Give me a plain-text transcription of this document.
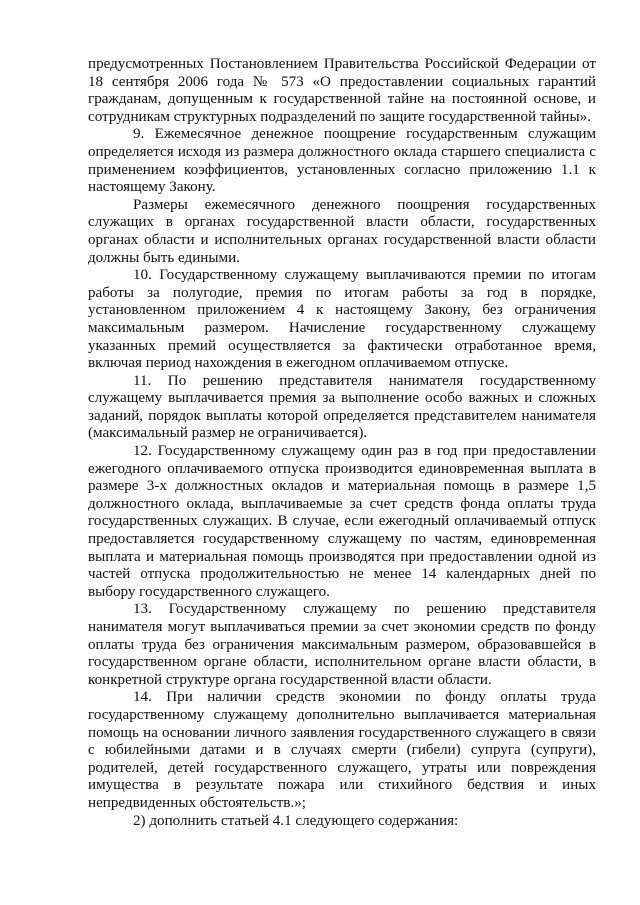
предусмотренных Постановлением Правительства Российской Федерации от 18 сентября 2006 года № 573 «О предоставлении социальных гарантий гражданам, допущенным к государственной тайне на постоянной основе, и сотрудникам структурных подразделений по защите государственной тайны».

9. Ежемесячное денежное поощрение государственным служащим определяется исходя из размера должностного оклада старшего специалиста с применением коэффициентов, установленных согласно приложению 1.1 к настоящему Закону.

Размеры ежемесячного денежного поощрения государственных служащих в органах государственной власти области, государственных органах области и исполнительных органах государственной власти области должны быть едиными.

10. Государственному служащему выплачиваются премии по итогам работы за полугодие, премия по итогам работы за год в порядке, установленном приложением 4 к настоящему Закону, без ограничения максимальным размером. Начисление государственному служащему указанных премий осуществляется за фактически отработанное время, включая период нахождения в ежегодном оплачиваемом отпуске.

11. По решению представителя нанимателя государственному служащему выплачивается премия за выполнение особо важных и сложных заданий, порядок выплаты которой определяется представителем нанимателя (максимальный размер не ограничивается).

12. Государственному служащему один раз в год при предоставлении ежегодного оплачиваемого отпуска производится единовременная выплата в размере 3-х должностных окладов и материальная помощь в размере 1,5 должностного оклада, выплачиваемые за счет средств фонда оплаты труда государственных служащих. В случае, если ежегодный оплачиваемый отпуск предоставляется государственному служащему по частям, единовременная выплата и материальная помощь производятся при предоставлении одной из частей отпуска продолжительностью не менее 14 календарных дней по выбору государственного служащего.

13. Государственному служащему по решению представителя нанимателя могут выплачиваться премии за счет экономии средств по фонду оплаты труда без ограничения максимальным размером, образовавшейся в государственном органе области, исполнительном органе власти области, в конкретной структуре органа государственной власти области.

14. При наличии средств экономии по фонду оплаты труда государственному служащему дополнительно выплачивается материальная помощь на основании личного заявления государственного служащего в связи с юбилейными датами и в случаях смерти (гибели) супруга (супруги), родителей, детей государственного служащего, утраты или повреждения имущества в результате пожара или стихийного бедствия и иных непредвиденных обстоятельств.»;

2) дополнить статьей 4.1 следующего содержания:
